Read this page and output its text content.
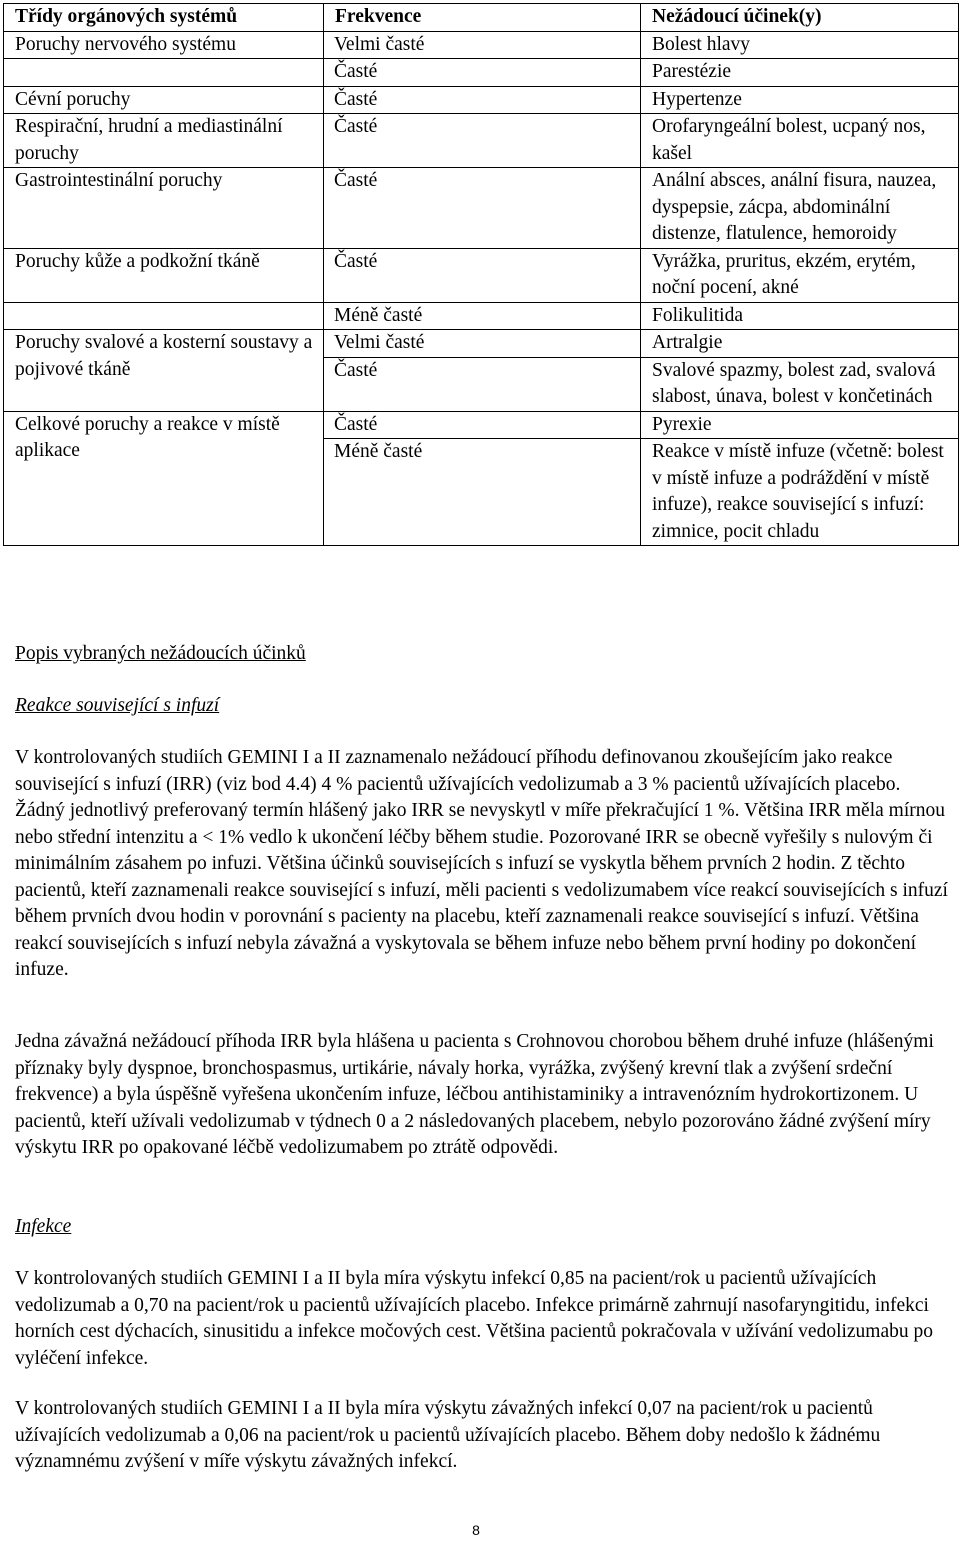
Třídy orgánových systémů	Frekvence	Nežádoucí účinek(y)
Poruchy nervového systému	Velmi časté	Bolest hlavy
	Časté	Parestézie
Cévní poruchy	Časté	Hypertenze
Respirační, hrudní a mediastinální poruchy	Časté	Orofaryngeální bolest, ucpaný nos, kašel
Gastrointestinální poruchy	Časté	Anální absces, anální fisura, nauzea, dyspepsie, zácpa, abdominální distenze, flatulence, hemoroidy
Poruchy kůže a podkožní tkáně	Časté	Vyrážka, pruritus, ekzém, erytém, noční pocení, akné
	Méně časté	Folikulitida
Poruchy svalové a kosterní soustavy a pojivové tkáně	Velmi časté	Artralgie
	Časté	Svalové spazmy, bolest zad, svalová slabost, únava, bolest v končetinách
Celkové poruchy a reakce v místě aplikace	Časté	Pyrexie
	Méně časté	Reakce v místě infuze (včetně: bolest v místě infuze a podráždění v místě infuze), reakce související s infuzí: zimnice, pocit chladu
Popis vybraných nežádoucích účinků
Reakce související s infuzí
V kontrolovaných studiích GEMINI I a II zaznamenalo nežádoucí příhodu definovanou zkoušejícím jako reakce související s infuzí (IRR) (viz bod 4.4) 4 % pacientů užívajících vedolizumab a 3 % pacientů užívajících placebo. Žádný jednotlivý preferovaný termín hlášený jako IRR se nevyskytl v míře překračující 1 %. Většina IRR měla mírnou nebo střední intenzitu a < 1% vedlo k ukončení léčby během studie. Pozorované IRR se obecně vyřešily s nulovým či minimálním zásahem po infuzi. Většina účinků souvisejících s infuzí se vyskytla během prvních 2 hodin. Z těchto pacientů, kteří zaznamenali reakce související s infuzí, měli pacienti s vedolizumabem více reakcí souvisejících s infuzí během prvních dvou hodin v porovnání s pacienty na placebu, kteří zaznamenali reakce související s infuzí. Většina reakcí souvisejících s infuzí nebyla závažná a vyskytovala se během infuze nebo během první hodiny po dokončení infuze.
Jedna závažná nežádoucí příhoda IRR byla hlášena u pacienta s Crohnovou chorobou během druhé infuze (hlášenými příznaky byly dyspnoe, bronchospasmus, urtikárie, návaly horka, vyrážka, zvýšený krevní tlak a zvýšení srdeční frekvence) a byla úspěšně vyřešena ukončením infuze, léčbou antihistaminiky a intravenózním hydrokortizonem. U pacientů, kteří užívali vedolizumab v týdnech 0 a 2 následovaných placebem, nebylo pozorováno žádné zvýšení míry výskytu IRR po opakované léčbě vedolizumabem po ztrátě odpovědi.
Infekce
V kontrolovaných studiích GEMINI I a II byla míra výskytu infekcí 0,85 na pacient/rok u pacientů užívajících vedolizumab a 0,70 na pacient/rok u pacientů užívajících placebo. Infekce primárně zahrnují nasofaryngitidu, infekci horních cest dýchacích, sinusitidu a infekce močových cest. Většina pacientů pokračovala v užívání vedolizumabu po vyléčení infekce.
V kontrolovaných studiích GEMINI I a II byla míra výskytu závažných infekcí 0,07 na pacient/rok u pacientů užívajících vedolizumab a 0,06 na pacient/rok u pacientů užívajících placebo. Během doby nedošlo k žádnému významnému zvýšení v míře výskytu závažných infekcí.
8
